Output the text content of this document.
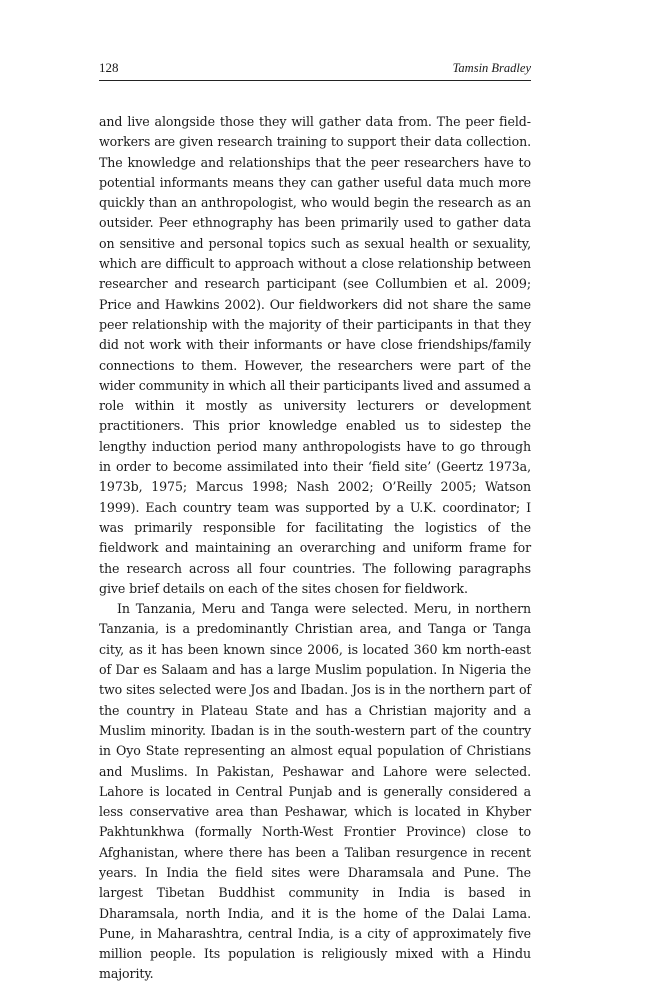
128	Tamsin Bradley

and live alongside those they will gather data from. The peer fieldworkers are given research training to support their data collection. The knowledge and relationships that the peer researchers have to potential informants means they can gather useful data much more quickly than an anthropologist, who would begin the research as an outsider. Peer ethnography has been primarily used to gather data on sensitive and personal topics such as sexual health or sexuality, which are difficult to approach without a close relationship between researcher and research participant (see Collumbien et al. 2009; Price and Hawkins 2002). Our fieldworkers did not share the same peer relationship with the majority of their participants in that they did not work with their informants or have close friendships/family connections to them. However, the researchers were part of the wider community in which all their participants lived and assumed a role within it mostly as university lecturers or development practitioners. This prior knowledge enabled us to sidestep the lengthy induction period many anthropologists have to go through in order to become assimilated into their ‘field site’ (Geertz 1973a, 1973b, 1975; Marcus 1998; Nash 2002; O’Reilly 2005; Watson 1999). Each country team was supported by a U.K. coordinator; I was primarily responsible for facilitating the logistics of the fieldwork and maintaining an overarching and uniform frame for the research across all four countries. The following paragraphs give brief details on each of the sites chosen for fieldwork.

In Tanzania, Meru and Tanga were selected. Meru, in northern Tanzania, is a predominantly Christian area, and Tanga or Tanga city, as it has been known since 2006, is located 360 km north-east of Dar es Salaam and has a large Muslim population. In Nigeria the two sites selected were Jos and Ibadan. Jos is in the northern part of the country in Plateau State and has a Christian majority and a Muslim minority. Ibadan is in the south-western part of the country in Oyo State representing an almost equal population of Christians and Muslims. In Pakistan, Peshawar and Lahore were selected. Lahore is located in Central Punjab and is generally considered a less conservative area than Peshawar, which is located in Khyber Pakhtunkhwa (formally North-West Frontier Province) close to Afghanistan, where there has been a Taliban resurgence in recent years. In India the field sites were Dharamsala and Pune. The largest Tibetan Buddhist community in India is based in Dharamsala, north India, and it is the home of the Dalai Lama. Pune, in Maharashtra, central India, is a city of approximately five million people. Its population is religiously mixed with a Hindu majority.
